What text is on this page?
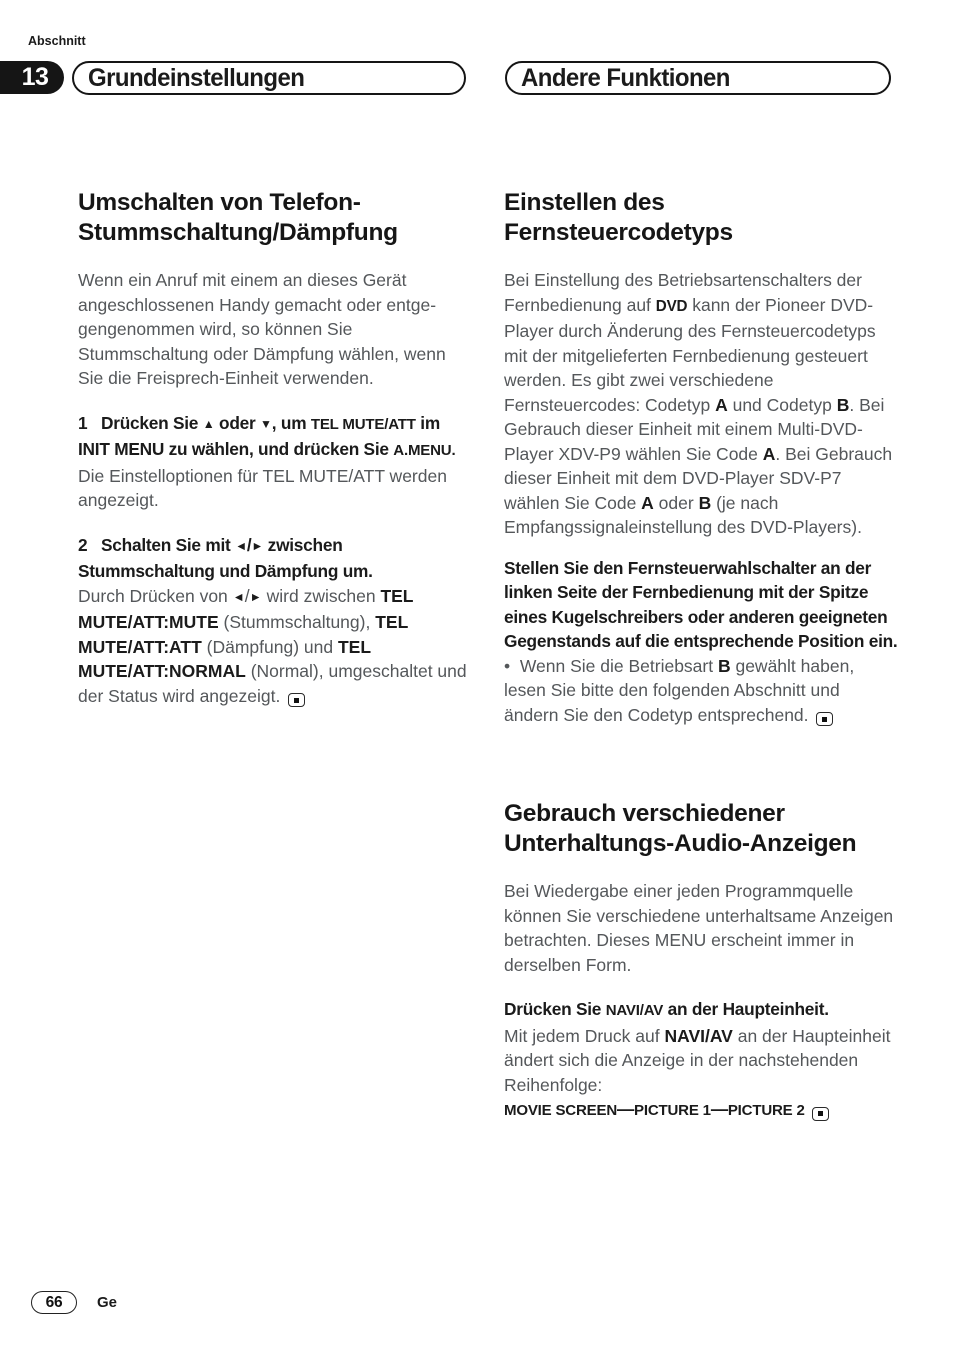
Abschnitt
13 Grundeinstellungen	Andere Funktionen
Umschalten von Telefon-Stummschaltung/Dämpfung
Wenn ein Anruf mit einem an dieses Gerät angeschlossenen Handy gemacht oder entge-gengenommen wird, so können Sie Stummschaltung oder Dämpfung wählen, wenn Sie die Freisprech-Einheit verwenden.
1   Drücken Sie ▲ oder ▼, um TEL MUTE/ATT im INIT MENU zu wählen, und drücken Sie A.MENU.
Die Einstelloptionen für TEL MUTE/ATT werden angezeigt.
2   Schalten Sie mit ◄/► zwischen Stummschaltung und Dämpfung um.
Durch Drücken von ◄/► wird zwischen TEL MUTE/ATT:MUTE (Stummschaltung), TEL MUTE/ATT:ATT (Dämpfung) und TEL MUTE/ATT:NORMAL (Normal), umgeschaltet und der Status wird angezeigt.
Einstellen des Fernsteuercodetyps
Bei Einstellung des Betriebsartenschalters der Fernbedienung auf DVD kann der Pioneer DVD-Player durch Änderung des Fernsteuercodetyps mit der mitgelieferten Fernbedienung gesteuert werden. Es gibt zwei verschiedene Fernsteuercodes: Codetyp A und Codetyp B. Bei Gebrauch dieser Einheit mit einem Multi-DVD-Player XDV-P9 wählen Sie Code A. Bei Gebrauch dieser Einheit mit dem DVD-Player SDV-P7 wählen Sie Code A oder B (je nach Empfangssignaleinstellung des DVD-Players).
Stellen Sie den Fernsteuerwahlschalter an der linken Seite der Fernbedienung mit der Spitze eines Kugelschreibers oder anderen geeigneten Gegenstands auf die entsprechende Position ein.
•  Wenn Sie die Betriebsart B gewählt haben, lesen Sie bitte den folgenden Abschnitt und ändern Sie den Codetyp entsprechend.
Gebrauch verschiedener Unterhaltungs-Audio-Anzeigen
Bei Wiedergabe einer jeden Programmquelle können Sie verschiedene unterhaltsame Anzeigen betrachten. Dieses MENU erscheint immer in derselben Form.
Drücken Sie NAVI/AV an der Haupteinheit.
Mit jedem Druck auf NAVI/AV an der Haupteinheit ändert sich die Anzeige in der nachstehenden Reihenfolge:
MOVIE SCREEN—PICTURE 1—PICTURE 2
66 Ge
